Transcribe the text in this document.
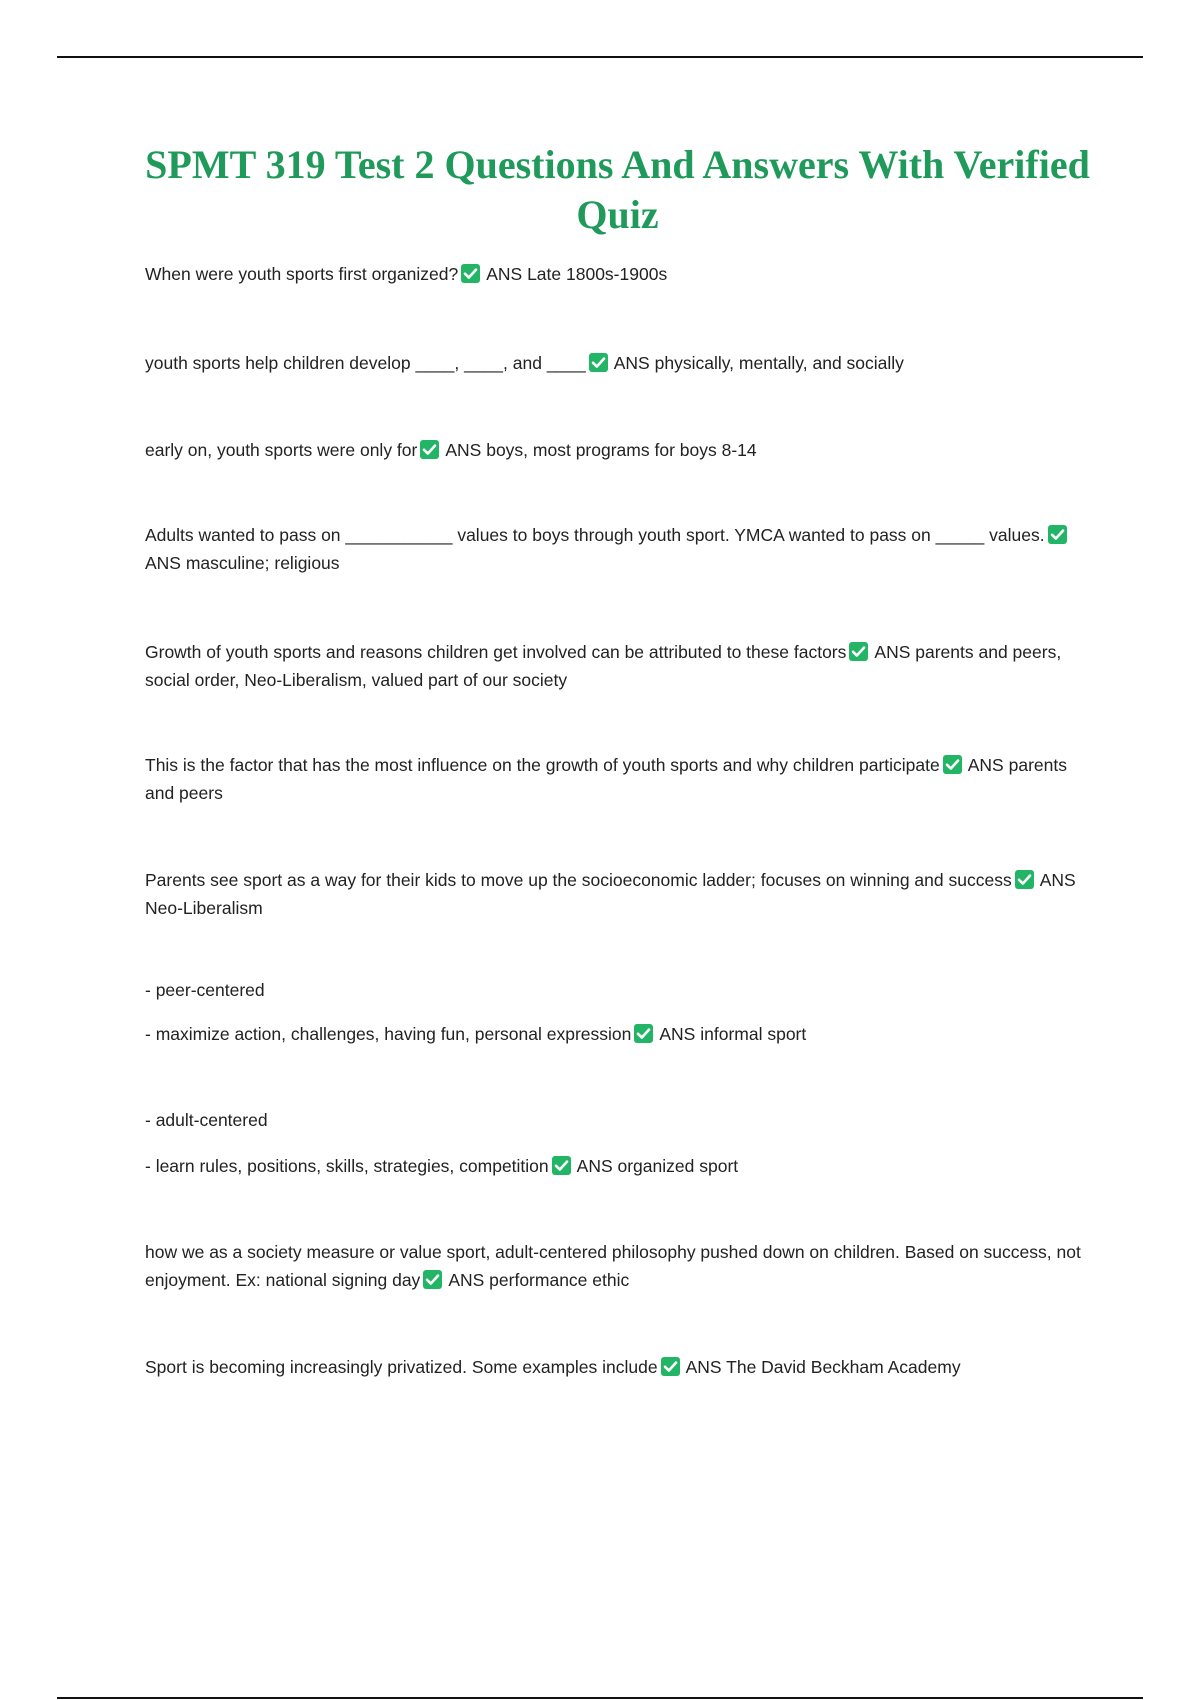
SPMT 319 Test 2 Questions And Answers With Verified Quiz

When were youth sports first organized? ANS Late 1800s-1900s

youth sports help children develop ____, ____, and ____ ANS physically, mentally, and socially

early on, youth sports were only for ANS boys, most programs for boys 8-14

Adults wanted to pass on ___________ values to boys through youth sport. YMCA wanted to pass on _____ values.
ANS masculine; religious

Growth of youth sports and reasons children get involved can be attributed to these factors ANS parents and peers, social order, Neo-Liberalism, valued part of our society

This is the factor that has the most influence on the growth of youth sports and why children participate ANS parents and peers

Parents see sport as a way for their kids to move up the socioeconomic ladder; focuses on winning and success ANS Neo-Liberalism

- peer-centered

- maximize action, challenges, having fun, personal expression ANS informal sport

- adult-centered

- learn rules, positions, skills, strategies, competition ANS organized sport

how we as a society measure or value sport, adult-centered philosophy pushed down on children. Based on success, not enjoyment. Ex: national signing day ANS performance ethic

Sport is becoming increasingly privatized. Some examples include ANS The David Beckham Academy
